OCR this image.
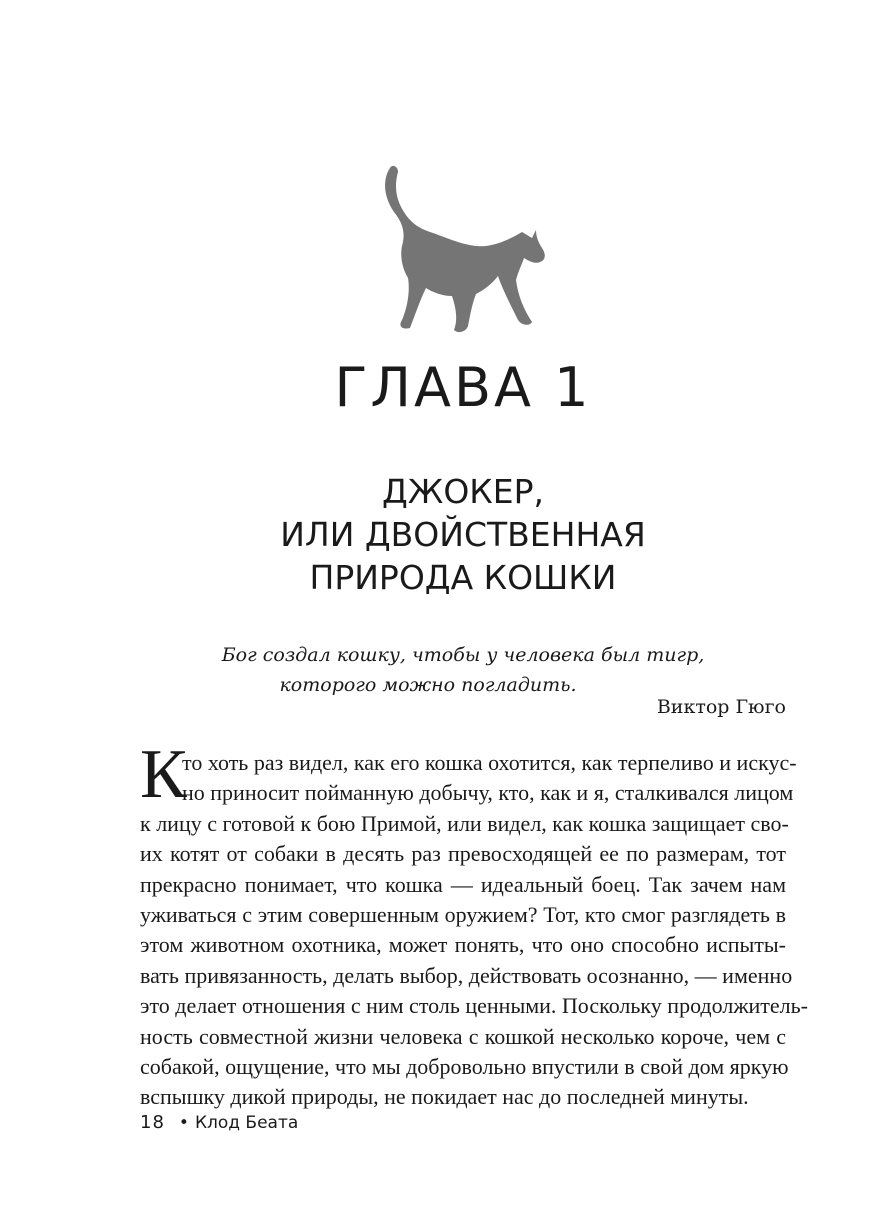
ГЛАВА 1
ДЖОКЕР,
ИЛИ ДВОЙСТВЕННАЯ
ПРИРОДА КОШКИ
Бог создал кошку, чтобы у человека был тигр,
которого можно погладить.
Виктор Гюго
К
то хоть раз видел, как его кошка охотится, как терпеливо и искус-
но приносит пойманную добычу, кто, как и я, сталкивался лицом
к лицу с готовой к бою Примой, или видел, как кошка защищает сво-
их котят от собаки в десять раз превосходящей ее по размерам, тот
прекрасно понимает, что кошка — идеальный боец. Так зачем нам
уживаться с этим совершенным оружием? Тот, кто смог разглядеть в
этом животном охотника, может понять, что оно способно испыты-
вать привязанность, делать выбор, действовать осознанно, — именно
это делает отношения с ним столь ценными. Поскольку продолжитель-
ность совместной жизни человека с кошкой несколько короче, чем с
собакой, ощущение, что мы добровольно впустили в свой дом яркую
вспышку дикой природы, не покидает нас до последней минуты.
18 • Клод Беата
